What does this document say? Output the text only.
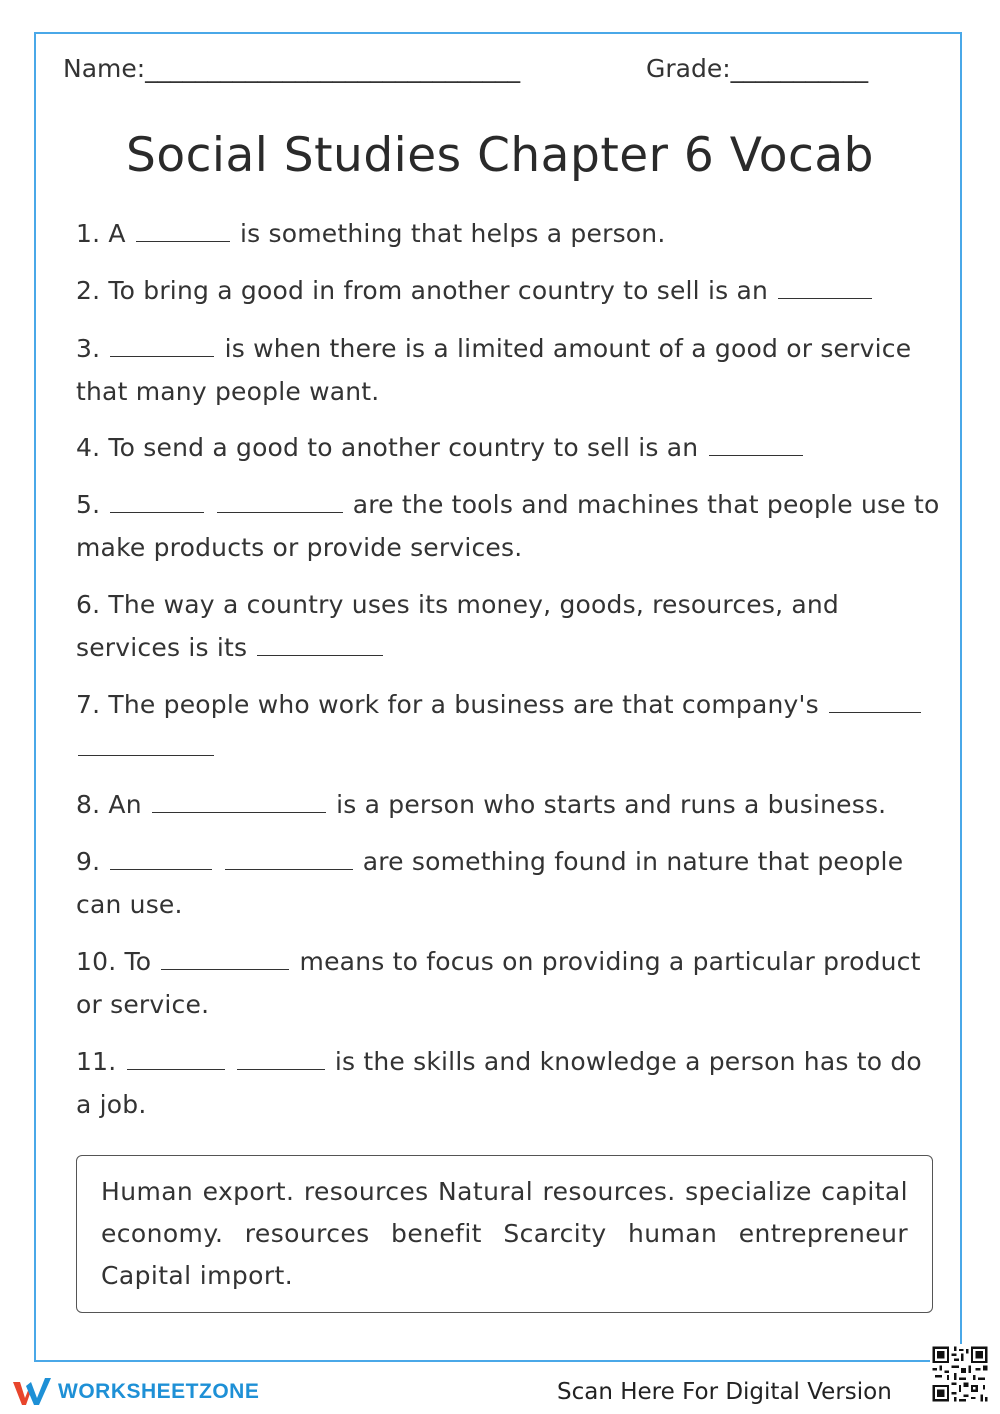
Name:______________________________	Grade:___________
Social Studies Chapter 6 Vocab
1. A	is something that helps a person.
2. To bring a good in from another country to sell is an
3.	is when there is a limited amount of a good or service that many people want.
4. To send a good to another country to sell is an
5.	are the tools and machines that people use to make products or provide services.
6. The way a country uses its money, goods, resources, and services is its
7. The people who work for a business are that company's
8. An	is a person who starts and runs a business.
9.	are something found in nature that people can use.
10. To	means to focus on providing a particular product or service.
11.	is the skills and knowledge a person has to do a job.
Human export. resources Natural resources. specialize capital economy. resources benefit Scarcity human entrepreneur Capital import.
WORKSHEETZONE	Scan Here For Digital Version
